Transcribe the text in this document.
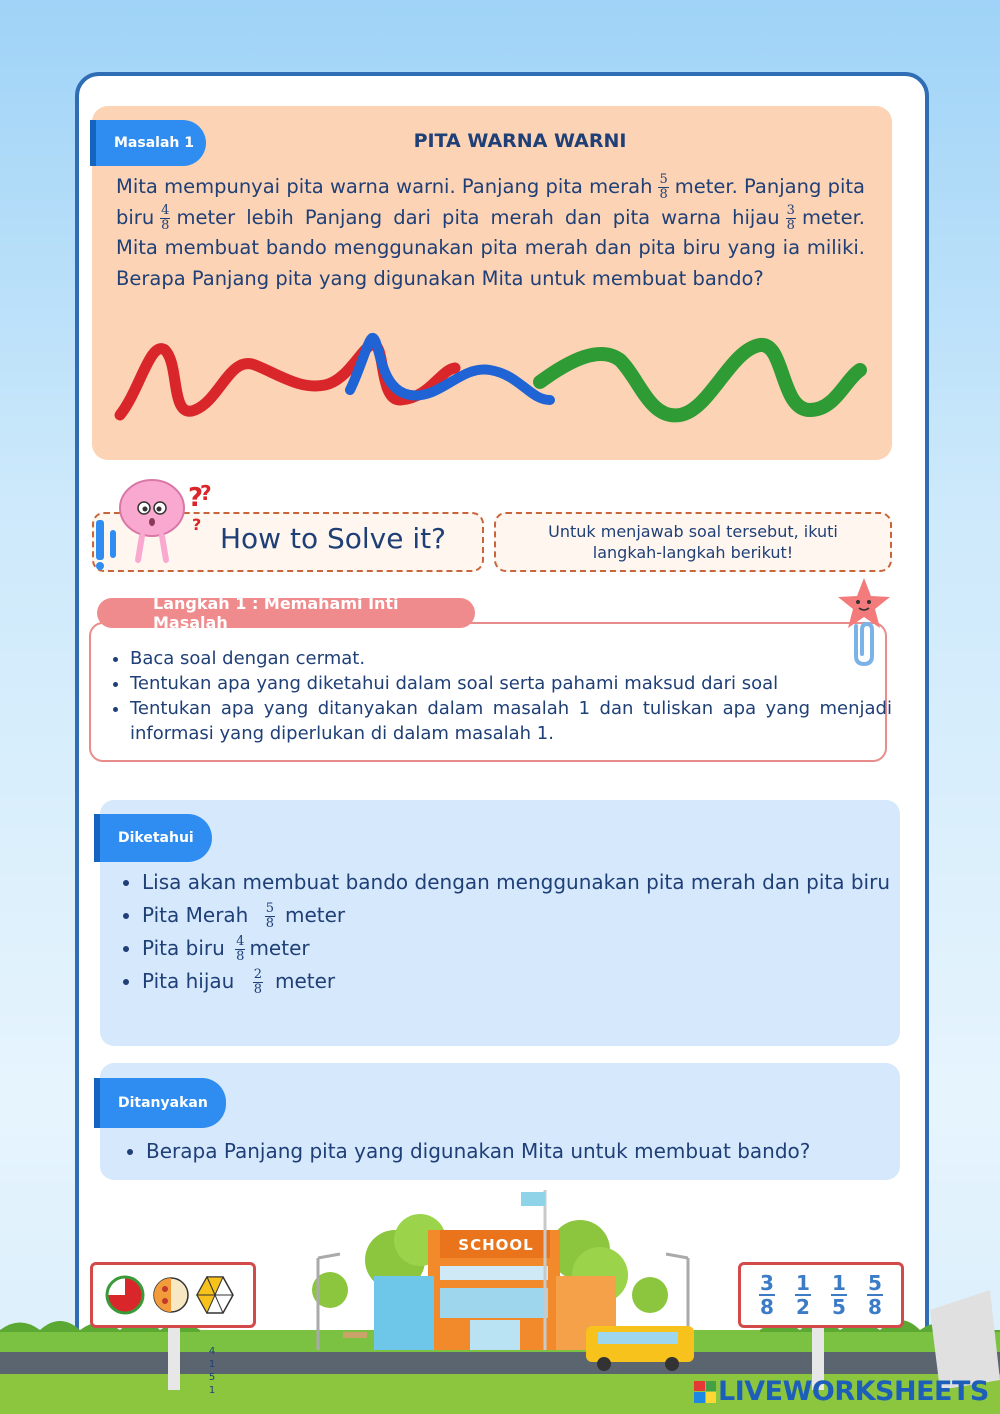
Masalah 1	PITA WARNA WARNI
Mita mempunyai pita warna warni. Panjang pita merah $\frac{5}{8}$ meter. Panjang pita biru $\frac{4}{8}$ meter lebih Panjang dari pita merah dan pita warna hijau $\frac{3}{8}$ meter. Mita membuat bando menggunakan pita merah dan pita biru yang ia miliki. Berapa Panjang pita yang digunakan Mita untuk membuat bando?
?
?
? How to Solve it?	Untuk menjawab soal tersebut, ikuti langkah-langkah berikut!
Langkah 1 : Memahami Inti Masalah
• Baca soal dengan cermat.
• Tentukan apa yang diketahui dalam soal serta pahami maksud dari soal
• Tentukan apa yang ditanyakan dalam masalah 1 dan tuliskan apa yang menjadi informasi yang diperlukan di dalam masalah 1.
Diketahui
• Lisa akan membuat bando dengan menggunakan pita merah dan pita biru
• Pita Merah $\frac{5}{8}$ meter
• Pita biru $\frac{4}{8}$ meter
• Pita hijau $\frac{2}{8}$ meter
Ditanyakan
• Berapa Panjang pita yang digunakan Mita untuk membuat bando?
SCHOOL
$\frac{3}{8} \frac{1}{2} \frac{1}{5} \frac{5}{8}$
4
1
5
1	LIVEWORKSHEETS
